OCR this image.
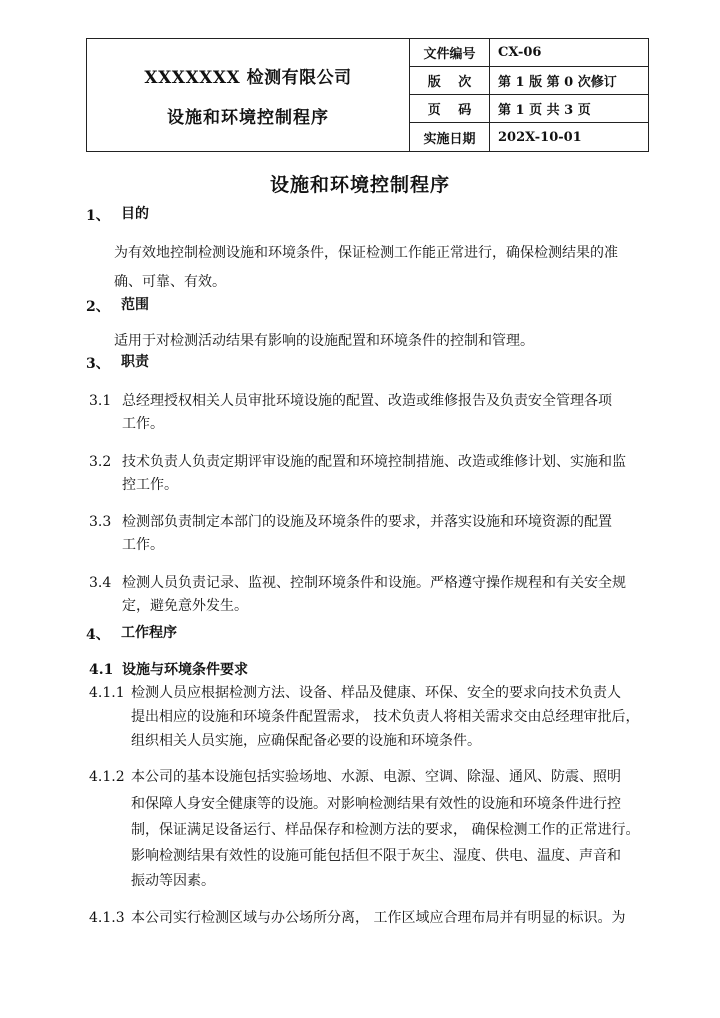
XXXXXXX 检测有限公司
设施和环境控制程序
文件编号	CX-06
版　 次	第 1 版 第 0 次修订
页　 码	第 1 页 共 3 页
实施日期	202X-10-01
设施和环境控制程序
1、 目的
为有效地控制检测设施和环境条件，保证检测工作能正常进行，确保检测结果的准
确、可靠、有效。
2、 范围
适用于对检测活动结果有影响的设施配置和环境条件的控制和管理。
3、 职责
3.1 总经理授权相关人员审批环境设施的配置、改造或维修报告及负责安全管理各项
工作。
3.2 技术负责人负责定期评审设施的配置和环境控制措施、改造或维修计划、实施和监
控工作。
3.3 检测部负责制定本部门的设施及环境条件的要求，并落实设施和环境资源的配置
工作。
3.4 检测人员负责记录、监视、控制环境条件和设施。严格遵守操作规程和有关安全规
定，避免意外发生。
4、 工作程序
4.1 设施与环境条件要求
4.1.1 检测人员应根据检测方法、设备、样品及健康、环保、安全的要求向技术负责人
提出相应的设施和环境条件配置需求， 技术负责人将相关需求交由总经理审批后，
组织相关人员实施，应确保配备必要的设施和环境条件。
4.1.2 本公司的基本设施包括实验场地、水源、电源、空调、除湿、通风、防震、照明
和保障人身安全健康等的设施。对影响检测结果有效性的设施和环境条件进行控
制，保证满足设备运行、样品保存和检测方法的要求， 确保检测工作的正常进行。
影响检测结果有效性的设施可能包括但不限于灰尘、湿度、供电、温度、声音和
振动等因素。
4.1.3 本公司实行检测区域与办公场所分离， 工作区域应合理布局并有明显的标识。为
